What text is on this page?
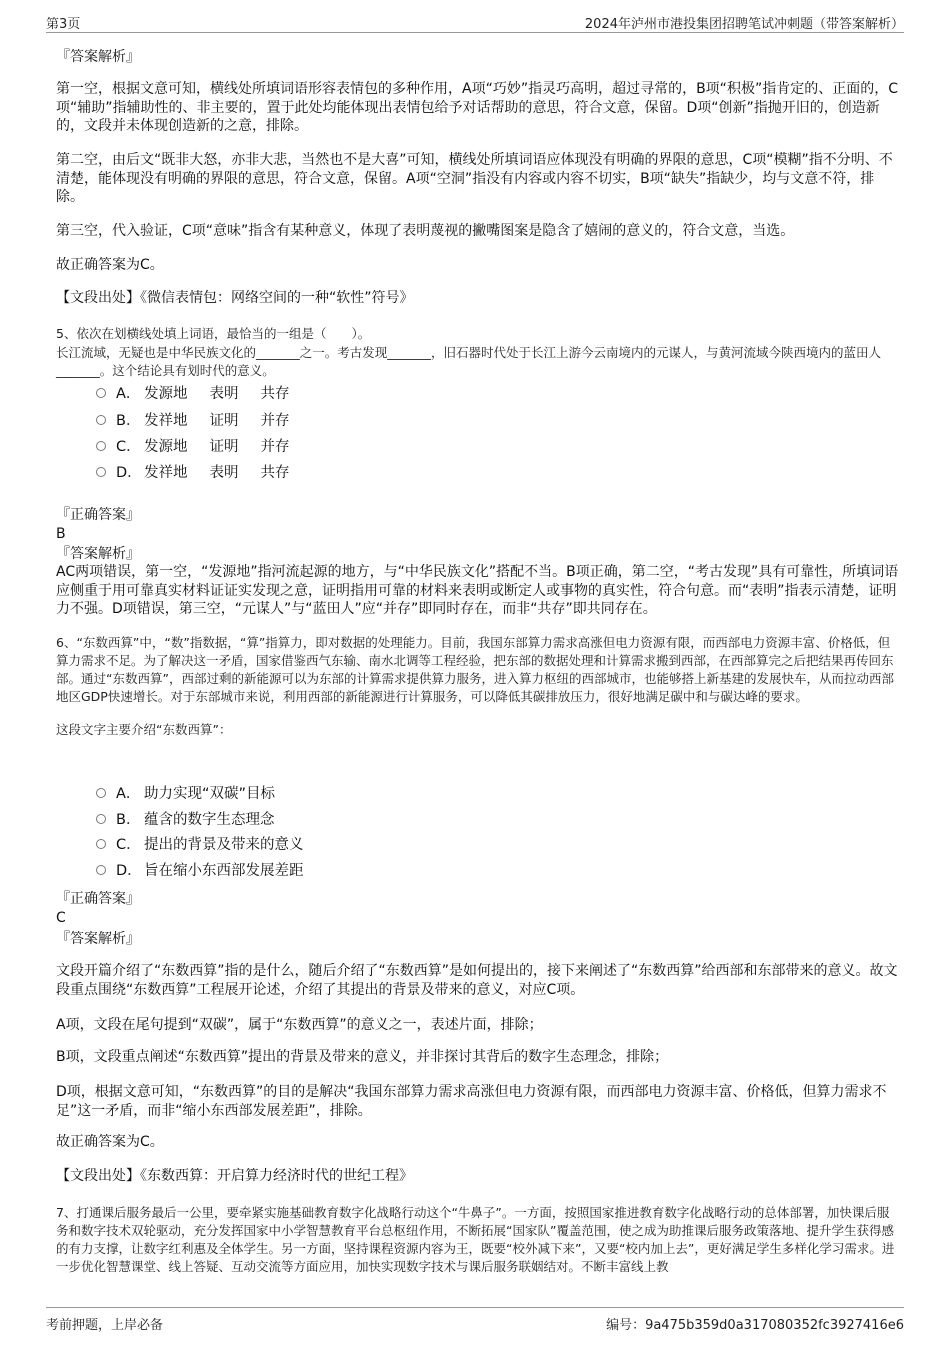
第3页	2024年泸州市港投集团招聘笔试冲刺题（带答案解析）

『答案解析』

第一空，根据文意可知，横线处所填词语形容表情包的多种作用，A项“巧妙”指灵巧高明，超过寻常的，B项“积极”指肯定的、正面的，C项“辅助”指辅助性的、非主要的，置于此处均能体现出表情包给予对话帮助的意思，符合文意，保留。D项“创新”指抛开旧的，创造新的，文段并未体现创造新的之意，排除。

第二空，由后文“既非大怒，亦非大悲，当然也不是大喜”可知，横线处所填词语应体现没有明确的界限的意思，C项“模糊”指不分明、不清楚，能体现没有明确的界限的意思，符合文意，保留。A项“空洞”指没有内容或内容不切实，B项“缺失”指缺少，均与文意不符，排除。

第三空，代入验证，C项“意味”指含有某种意义，体现了表明蔑视的撇嘴图案是隐含了嬉闹的意义的，符合文意，当选。

故正确答案为C。

【文段出处】《微信表情包：网络空间的一种“软性”符号》

5、依次在划横线处填上词语，最恰当的一组是（　　）。

长江流域，无疑也是中华民族文化的_______之一。考古发现_______，旧石器时代处于长江上游今云南境内的元谋人，与黄河流域今陕西境内的蓝田人_______。这个结论具有划时代的意义。

A． 发源地 表明 共存
B． 发祥地 证明 并存
C． 发源地 证明 并存
D． 发祥地 表明 共存

『正确答案』

B

『答案解析』

AC两项错误，第一空，“发源地”指河流起源的地方，与“中华民族文化”搭配不当。B项正确，第二空，“考古发现”具有可靠性，所填词语应侧重于用可靠真实材料证证实发现之意，证明指用可靠的材料来表明或断定人或事物的真实性，符合句意。而“表明”指表示清楚，证明力不强。D项错误，第三空，“元谋人”与“蓝田人”应“并存”即同时存在，而非“共存”即共同存在。

6、“东数西算”中，“数”指数据，“算”指算力，即对数据的处理能力。目前，我国东部算力需求高涨但电力资源有限，而西部电力资源丰富、价格低，但算力需求不足。为了解决这一矛盾，国家借鉴西气东输、南水北调等工程经验，把东部的数据处理和计算需求搬到西部，在西部算完之后把结果再传回东部。通过“东数西算”，西部过剩的新能源可以为东部的计算需求提供算力服务，进入算力枢纽的西部城市，也能够搭上新基建的发展快车，从而拉动西部地区GDP快速增长。对于东部城市来说，利用西部的新能源进行计算服务，可以降低其碳排放压力，很好地满足碳中和与碳达峰的要求。

这段文字主要介绍“东数西算”：

A． 助力实现“双碳”目标
B． 蕴含的数字生态理念
C． 提出的背景及带来的意义
D． 旨在缩小东西部发展差距

『正确答案』

C

『答案解析』

文段开篇介绍了“东数西算”指的是什么，随后介绍了“东数西算”是如何提出的，接下来阐述了“东数西算”给西部和东部带来的意义。故文段重点围绕“东数西算”工程展开论述，介绍了其提出的背景及带来的意义，对应C项。

A项，文段在尾句提到“双碳”，属于“东数西算”的意义之一，表述片面，排除；

B项，文段重点阐述“东数西算”提出的背景及带来的意义，并非探讨其背后的数字生态理念，排除；

D项，根据文意可知，“东数西算”的目的是解决“我国东部算力需求高涨但电力资源有限，而西部电力资源丰富、价格低，但算力需求不足”这一矛盾，而非“缩小东西部发展差距”，排除。

故正确答案为C。

【文段出处】《东数西算：开启算力经济时代的世纪工程》

7、打通课后服务最后一公里，要牵紧实施基础教育数字化战略行动这个“牛鼻子”。一方面，按照国家推进教育数字化战略行动的总体部署，加快课后服务和数字技术双轮驱动，充分发挥国家中小学智慧教育平台总枢纽作用，不断拓展“国家队”覆盖范围，使之成为助推课后服务政策落地、提升学生获得感的有力支撑，让数字红利惠及全体学生。另一方面，坚持课程资源内容为王，既要“校外减下来”，又要“校内加上去”，更好满足学生多样化学习需求。进一步优化智慧课堂、线上答疑、互动交流等方面应用，加快实现数字技术与课后服务联姻结对。不断丰富线上教

考前押题，上岸必备	编号：9a475b359d0a317080352fc3927416e6
